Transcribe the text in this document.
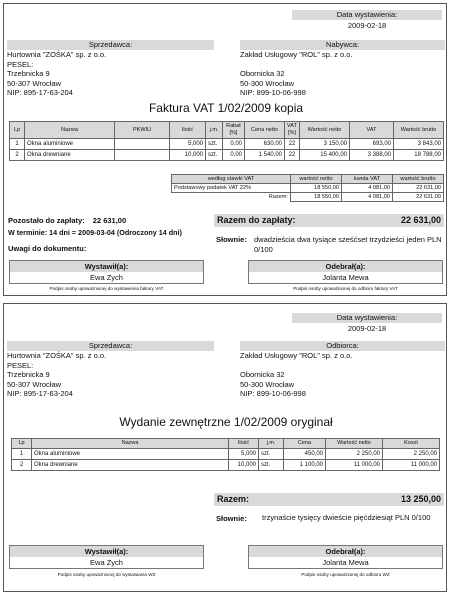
Data wystawienia:
2009-02-18
Sprzedawca:
Hurtownia "ZOŚKA" sp. z o.o.
PESEL:
Trzebnicka 9
50-307 Wrocław
NIP: 895-17-63-204
Nabywca:
Zakład Usługowy "ROL" sp. z o.o.
Obornicka 32
50-300 Wrocław
NIP: 899-10-06-998
Faktura VAT 1/02/2009 kopia
Lp	Nazwa	PKWIU	Ilość	j.m.	Rabat [%]	Cena netto	VAT [%]	Wartość netto	VAT	Wartość brutto
1	Okna aluminiowe		5,000	szt.	0,00	630,00	22	3 150,00	693,00	3 843,00
2	Okna drewniane		10,000	szt.	0,00	1 540,00	22	15 400,00	3 388,00	18 788,00
według stawki VAT	wartość netto	kwota VAT	wartość brutto
Podstawowy podatek VAT 22%	18 550,00	4 081,00	22 631,00
Razem:	18 550,00	4 081,00	22 631,00
Pozostało do zapłaty: 22 631,00
W terminie: 14 dni = 2009-03-04 (Odroczony 14 dni)
Uwagi do dokumentu:
Razem do zapłaty:	22 631,00
Słownie: dwadzieścia dwa tysiące sześćset trzydzieści jeden PLN 0/100
Wystawił(a):
Ewa Zych
Podpis osoby upoważnionej do wystawienia faktury VAT
Odebrał(a):
Jolanta Mewa
Podpis osoby upoważnionej do odbioru faktury VAT
Data wystawienia:
2009-02-18
Sprzedawca:
Hurtownia "ZOŚKA" sp. z o.o.
PESEL:
Trzebnicka 9
50-307 Wrocław
NIP: 895-17-63-204
Odbiorca:
Zakład Usługowy "ROL" sp. z o.o.
Obornicka 32
50-300 Wrocław
NIP: 899-10-06-998
Wydanie zewnętrzne 1/02/2009 oryginał
Lp	Nazwa	Ilość	j.m.	Cena	Wartość netto	Koszt
1	Okna aluminiowe	5,000	szt.	450,00	2 250,00	2 250,00
2	Okna drewniane	10,000	szt.	1 100,00	11 000,00	11 000,00
Razem:	13 250,00
Słownie: trzynaście tysięcy dwieście pięćdziesiąt PLN 0/100
Wystawił(a):
Ewa Zych
Podpis osoby upoważnionej do wystawiania WZ
Odebrał(a):
Jolanta Mewa
Podpis osoby upoważnionej do odbioru WZ
